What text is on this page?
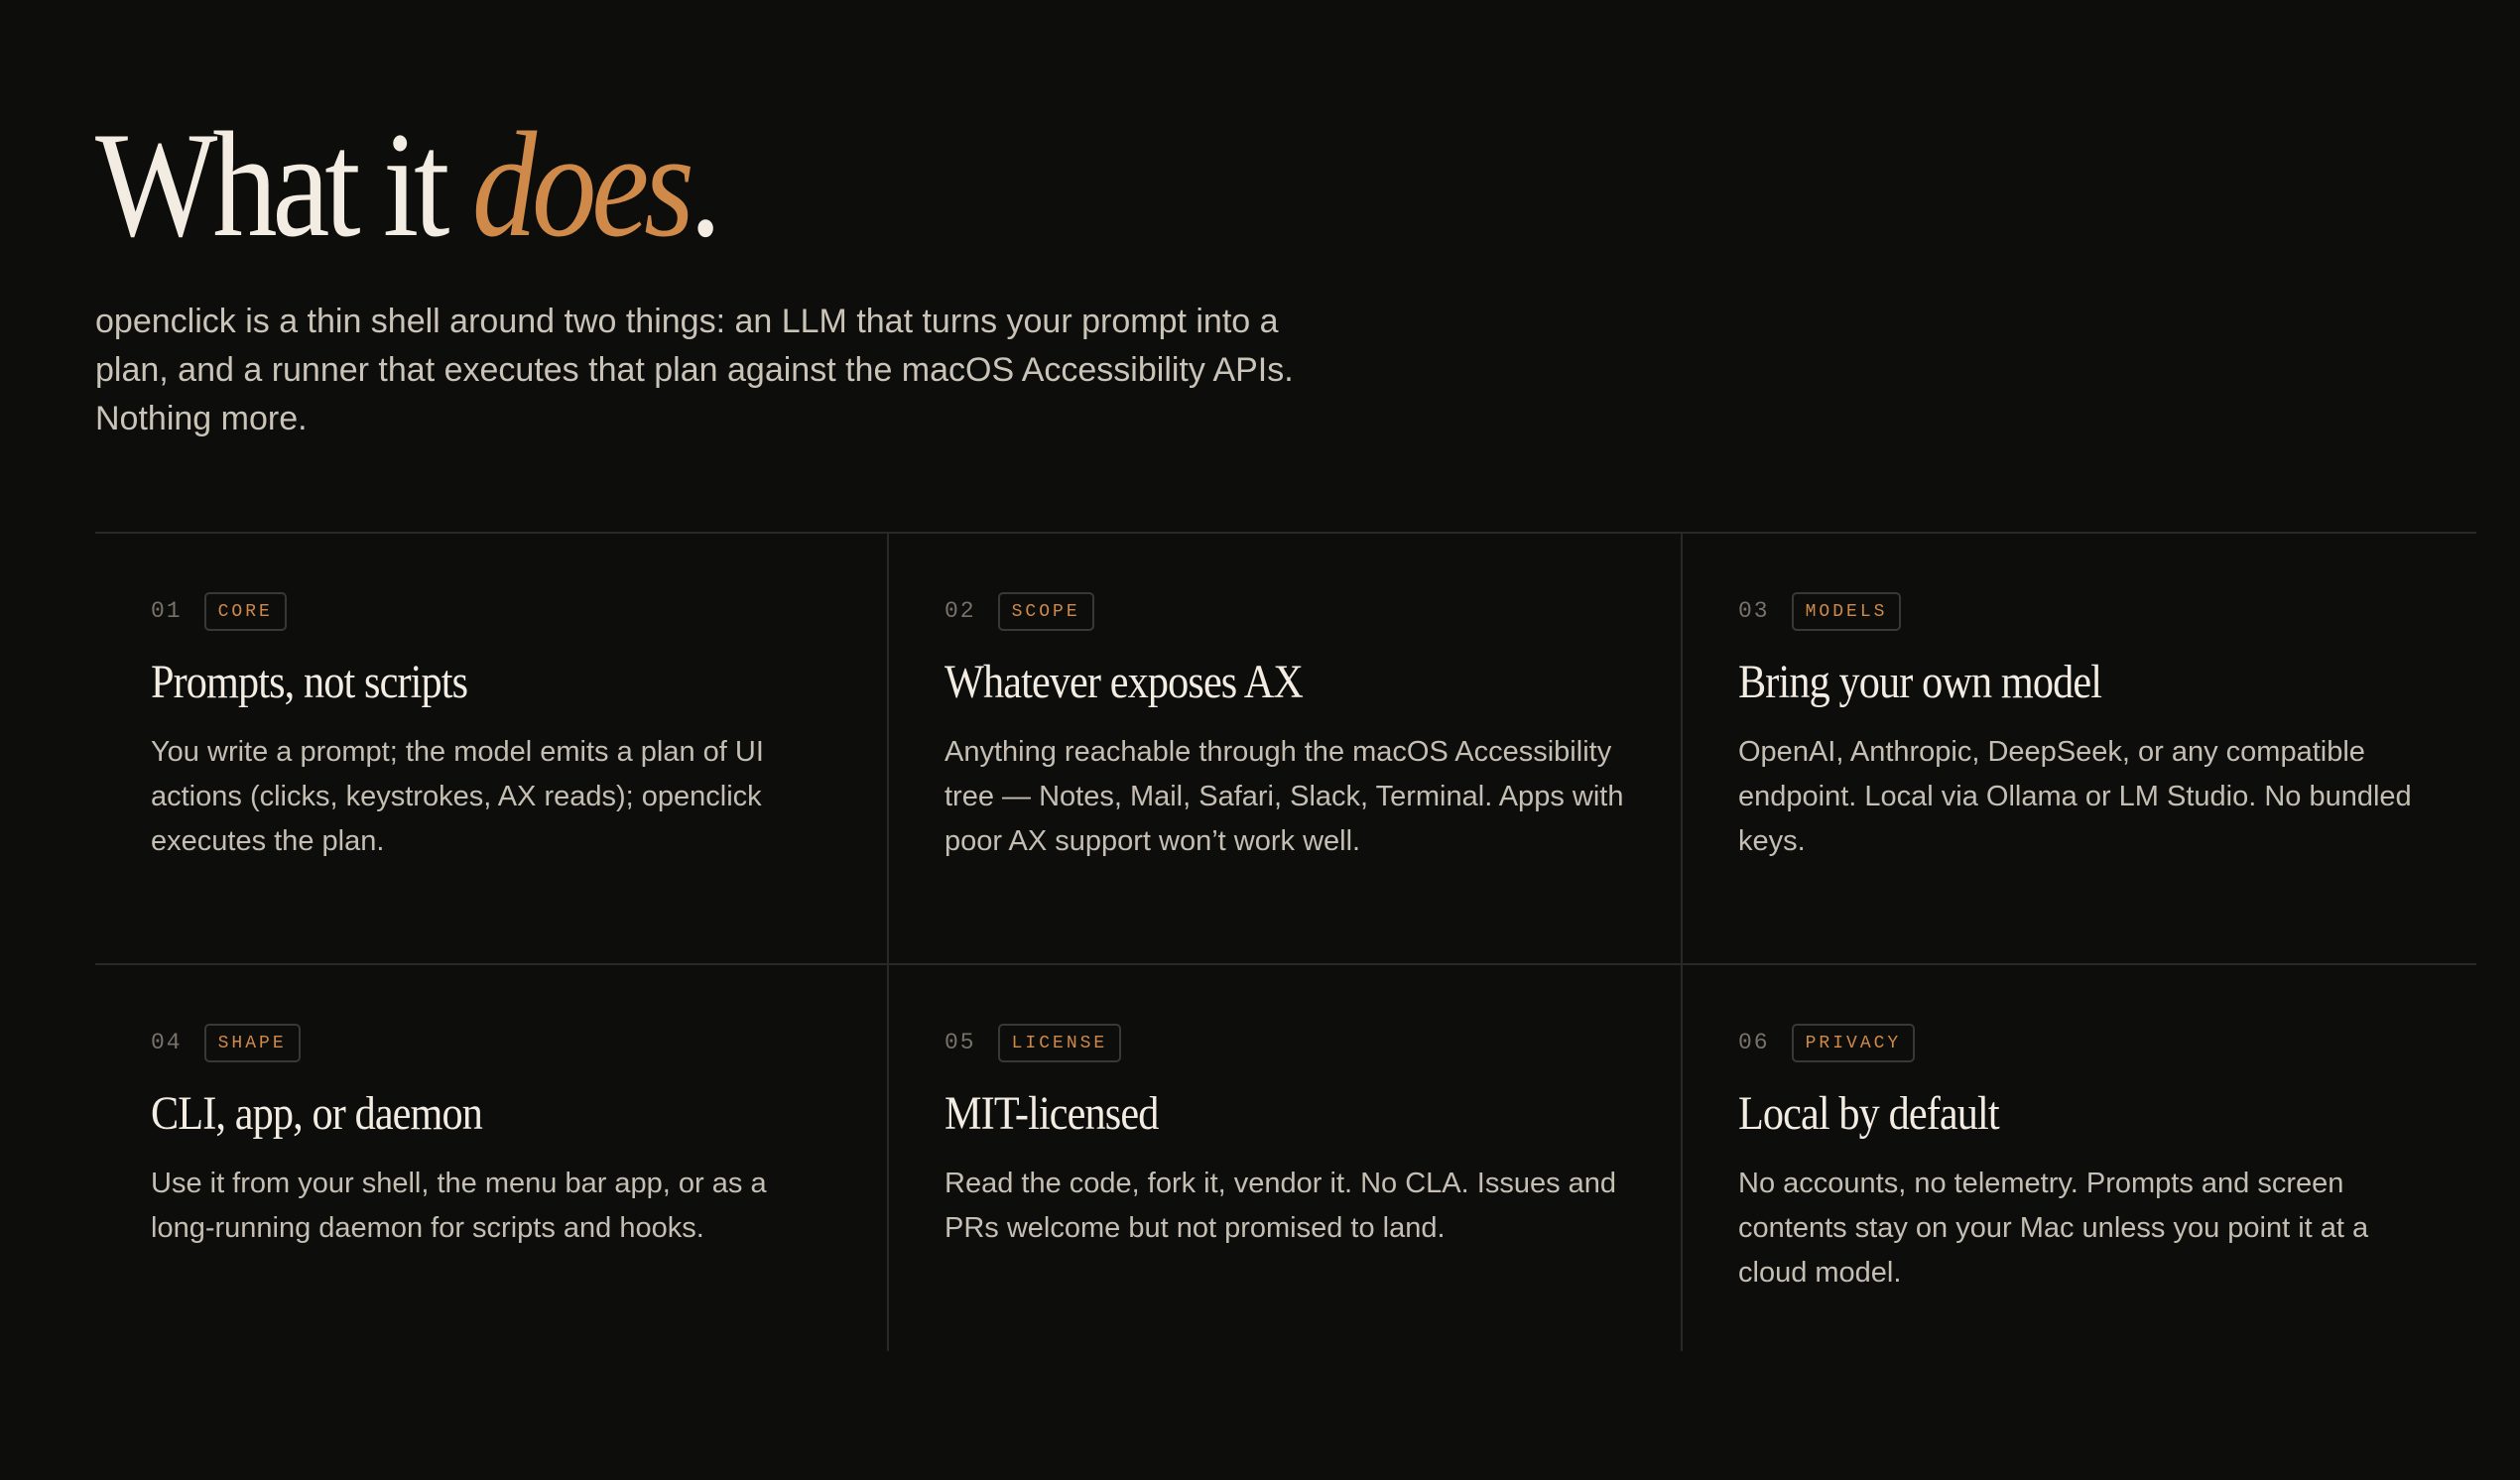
What it does.

openclick is a thin shell around two things: an LLM that turns your prompt into a plan, and a runner that executes that plan against the macOS Accessibility APIs. Nothing more.

01	CORE
Prompts, not scripts

You write a prompt; the model emits a plan of UI actions (clicks, keystrokes, AX reads); openclick executes the plan.

02	SCOPE
Whatever exposes AX

Anything reachable through the macOS Accessibility tree — Notes, Mail, Safari, Slack, Terminal. Apps with poor AX support won’t work well.

03	MODELS
Bring your own model

OpenAI, Anthropic, DeepSeek, or any compatible endpoint. Local via Ollama or LM Studio. No bundled keys.

04	SHAPE
CLI, app, or daemon

Use it from your shell, the menu bar app, or as a long-running daemon for scripts and hooks.

05	LICENSE
MIT-licensed

Read the code, fork it, vendor it. No CLA. Issues and PRs welcome but not promised to land.

06	PRIVACY
Local by default

No accounts, no telemetry. Prompts and screen contents stay on your Mac unless you point it at a cloud model.
